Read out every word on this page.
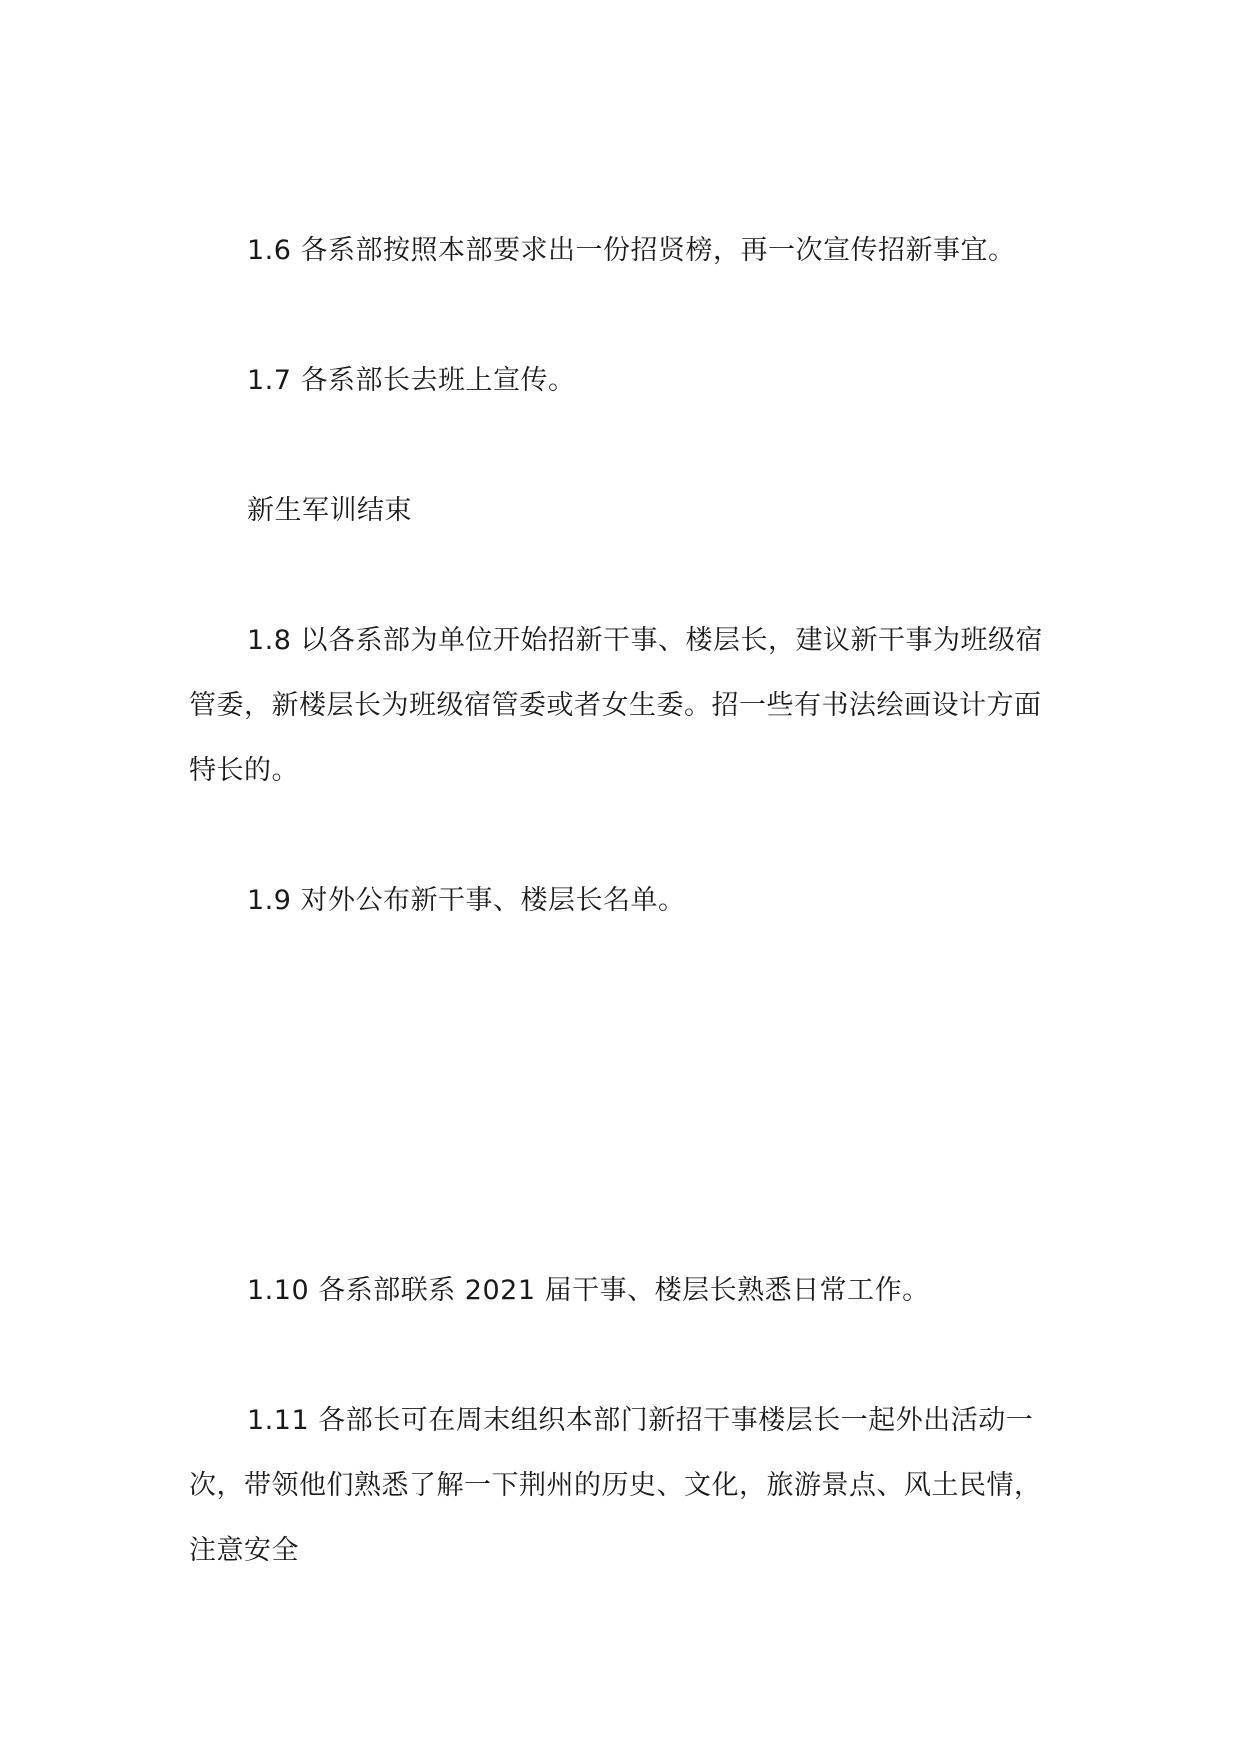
1.6 各系部按照本部要求出一份招贤榜，再一次宣传招新事宜。

1.7 各系部长去班上宣传。

新生军训结束

1.8 以各系部为单位开始招新干事、楼层长，建议新干事为班级宿管委，新楼层长为班级宿管委或者女生委。招一些有书法绘画设计方面特长的。

1.9 对外公布新干事、楼层长名单。

1.10 各系部联系 2021 届干事、楼层长熟悉日常工作。

1.11 各部长可在周末组织本部门新招干事楼层长一起外出活动一次，带领他们熟悉了解一下荆州的历史、文化，旅游景点、风土民情，注意安全
